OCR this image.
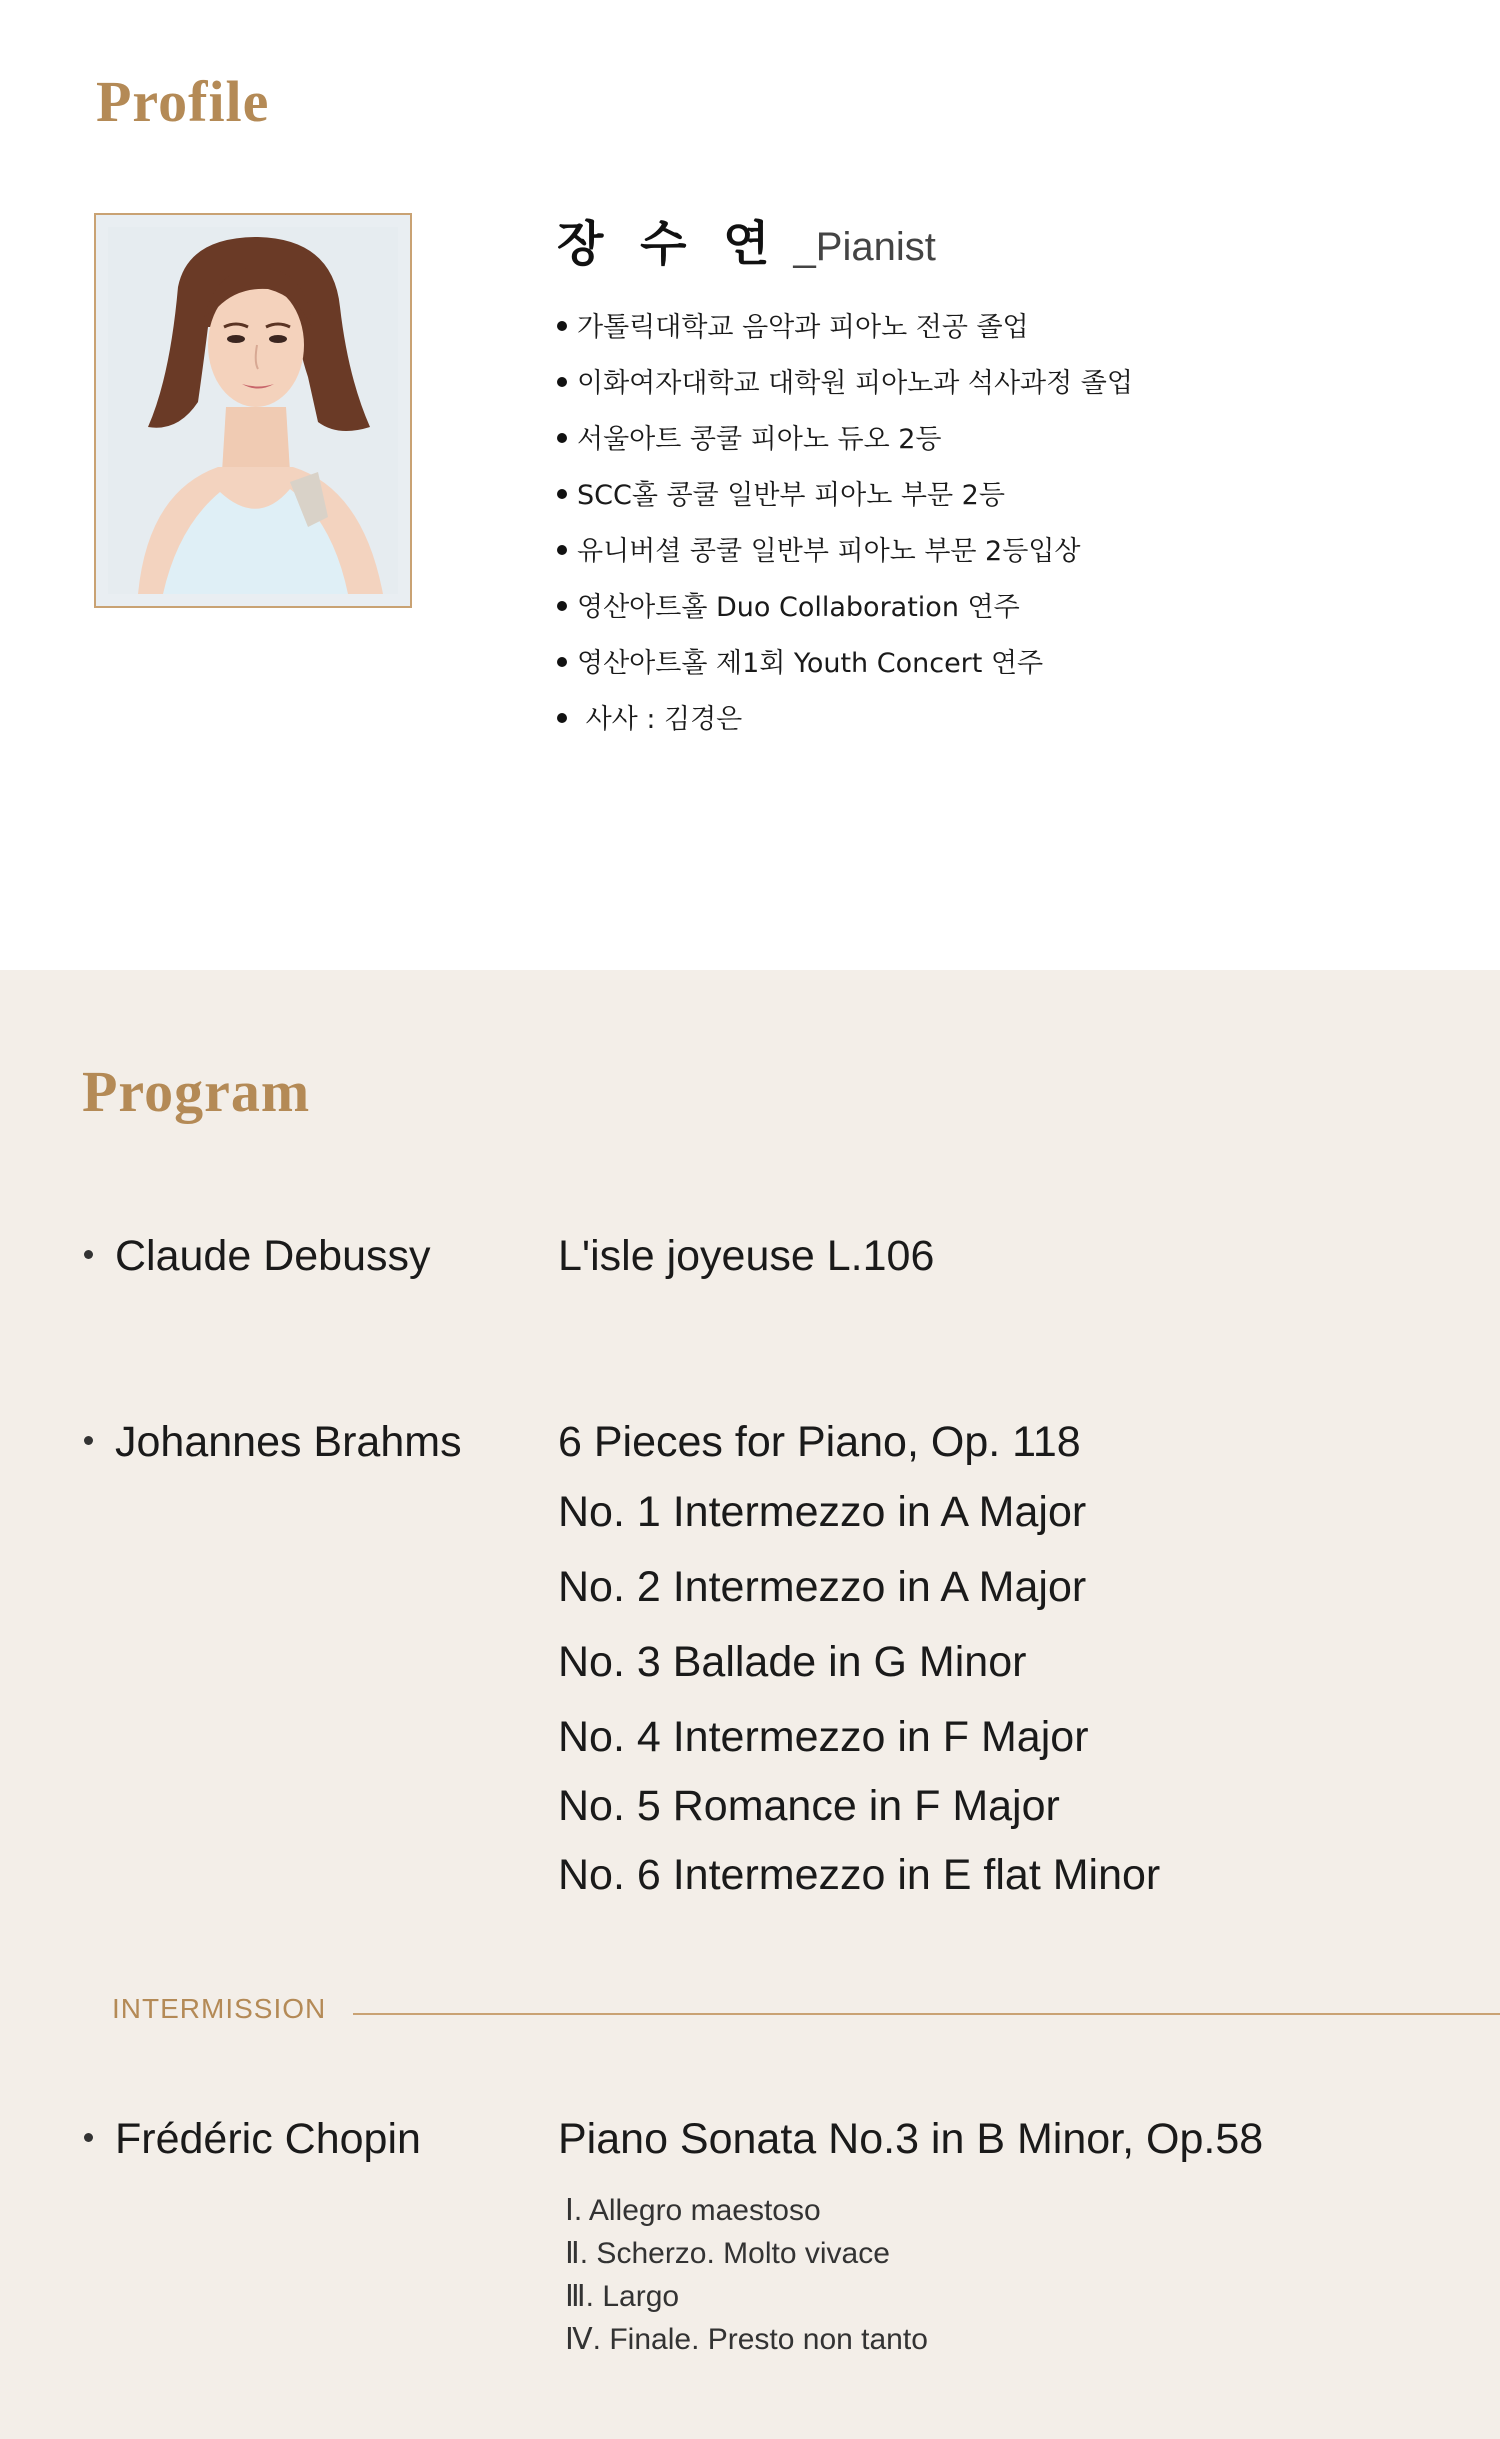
Profile
장 수 연 _Pianist
가톨릭대학교 음악과 피아노 전공 졸업
이화여자대학교 대학원 피아노과 석사과정 졸업
서울아트 콩쿨 피아노 듀오 2등
SCC홀 콩쿨 일반부 피아노 부문 2등
유니버셜 콩쿨 일반부 피아노 부문 2등입상
영산아트홀 Duo Collaboration 연주
영산아트홀 제1회 Youth Concert 연주
사사 : 김경은
Program
Claude Debussy	L'isle joyeuse L.106
Johannes Brahms 6 Pieces for Piano, Op. 118
No. 1 Intermezzo in A Major
No. 2 Intermezzo in A Major
No. 3 Ballade in G Minor
No. 4 Intermezzo in F Major
No. 5 Romance in F Major
No. 6 Intermezzo in E flat Minor
INTERMISSION
Frédéric Chopin	Piano Sonata No.3 in B Minor, Op.58
Ⅰ. Allegro maestoso
Ⅱ. Scherzo. Molto vivace
Ⅲ. Largo
Ⅳ. Finale. Presto non tanto
